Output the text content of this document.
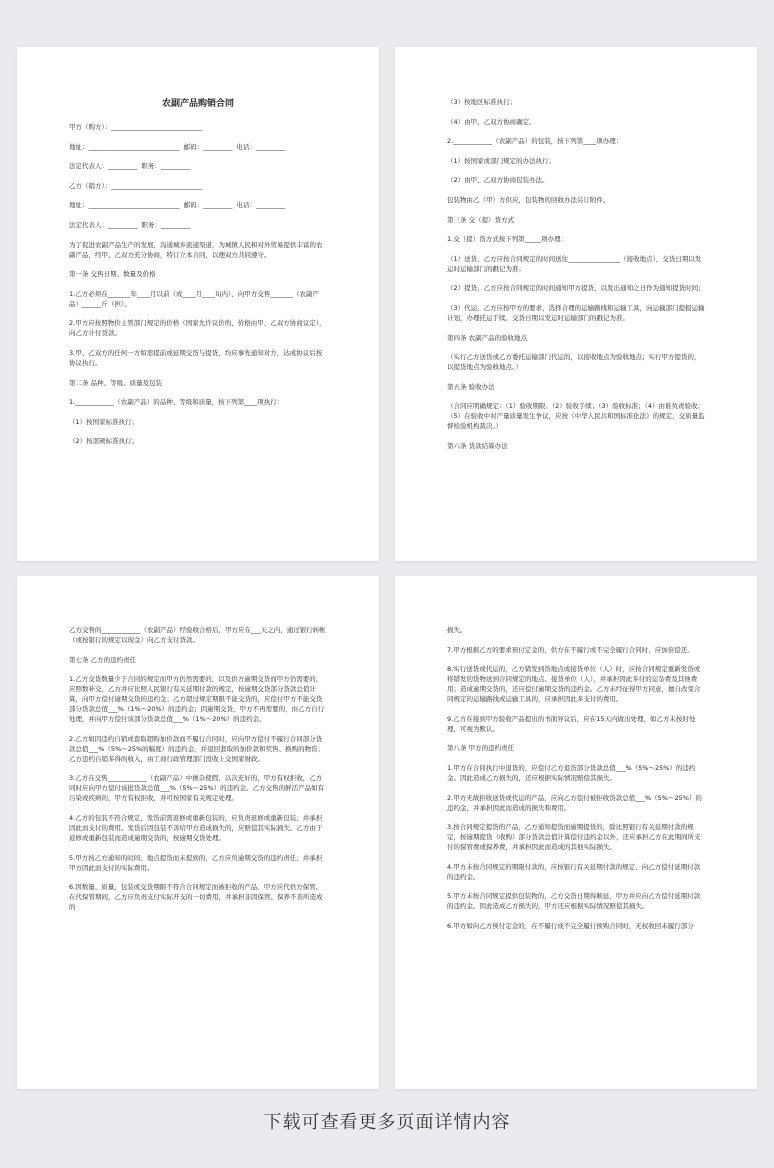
农副产品购销合同
甲方（购方）：____________________________
地址：____________________________  邮码：_________  电话：_________
法定代表人：_________  职务：_________
乙方（销方）：____________________________
地址：____________________________  邮码：_________  电话：_________
法定代表人：_________  职务：_________
为了促进农副产品生产的发展，沟通城乡流通渠道，为城镇人民和对外贸易提供丰富的农副产品，经甲、乙双方充分协商，特订立本合同，以便双方共同遵守。
第一条 交售日期、数量及价格
1.乙方必须在_______年____月以前（或____月____旬内），向甲方交售_______（农副产品）______斤（担）。
2.甲方应按照物价主管部门规定的价格（国家允许议价的，价格由甲、乙双方协商议定），向乙方计付货款。
3.甲、乙双方的任何一方如需提前或延期交货与提货，均应事先通知对方，达成协议后按协议执行。
第二条 品种、等级、质量及包装
1.____________（农副产品）的品种、等级和质量，按下列第____项执行：
（1）按国家标准执行；
（2）按部颁标准执行；
（3）按地区标准执行；
（4）由甲、乙双方协商确定。
2.____________（农副产品）的包装，按下列第____项办理：
（1）按国家或部门规定的办法执行；
（2）由甲、乙双方协商包装办法。
包装物由乙（甲）方供应，包装物的回收办法另订附件。
第三条 交（提）货方式
1.交（提）货方式按下列第_____项办理：
（1）送货，乙方应按合同规定的时间送往________________（接收地点），交货日期以发运时运输部门的戳记为准；
（2）提货，乙方应按合同规定的时间通知甲方提货，以发出通知之日作为通知提货时间；
（3）代运，乙方应按甲方的要求，选择合理的运输路线和运输工具，向运输部门提报运输计划，办理托运手续。交货日期以发运时运输部门的戳记为准。
第四条 农副产品的验收地点
（实行乙方送货或乙方委托运输部门代运的，以接收地点为验收地点；实行甲方提货的，以提货地点为验收地点。）
第五条 验收办法
（合同应明确规定：（1）验收期限；（2）验收手续；（3）验收标准；（4）由谁负责验收；（5）在验收中对产量质量发生争议，应按《中华人民共和国标准化法》的规定，交质量监督检验机构裁决。）
第六条 货款结算办法
乙方交售的____________（农副产品）经验收合格后，甲方应在___天之内，通过银行转帐（或按银行的规定以现金）向乙方支付货款。
第七条 乙方的违约责任
1.乙方交货数量少于合同的规定而甲方仍然需要的，以及供方逾期交货而甲方仍需要的，应照数补交，乙方并应比照人民银行有关延期付款的规定，按逾期交货部分货款总值计算，向甲方偿付逾期交货的违约金；乙方超过规定期限不能交货的，应偿付甲方不能交货部分货款总值___%（1%～20%）的违约金；因逾期交货，甲方不再需要的，由乙方自行处理，并向甲方偿付该部分货款总值___%（1%～20%）的违约金。
2.乙方如因违约自销或套取超购加价款而不履行合同时，应向甲方偿付不履行合同部分货款总值___%（5%～25%的幅度）的违约金，并退回套取的加价款和奖售、换购的物资；乙方违约自销多得的收入，由工商行政管理部门没收上交国家财政。
3.乙方在交售____________（农副产品）中掺杂使假，以次充好的，甲方有权拒收，乙方同时应向甲方偿付该批货款总值___%（5%～25%）的违约金。乙方交售的鲜活产品如有污染或疾病的，甲方有权拒收，并可按国家有关规定处理。
4.乙方的包装不符合规定，发货前需返修或重新包装的，应负责返修或重新包装，并承担因此而支付的费用。发货后因包装不善给甲方造成损失的，应赔偿其实际损失。乙方由于返修或重新包装而造成逾期交货的，按逾期交货处理。
5.甲方按乙方通知的时间、地点提货而未提到的，乙方应负逾期交货的违约责任，并承担甲方因此而支付的实际费用。
6.因数量、质量、包装或交货期限不符合合同规定而被拒收的产品，甲方应代供方保管。在代保管期间，乙方应负责支付实际开支的一切费用，并承担非因保管、保养不善所造成的
损失。
7.甲方根据乙方的要求预付定金的，供方在不履行或不完全履行合同时，应加倍偿还。
8.实行送货或代运的，乙方错发到货地点或接货单位（人）时，应按合同规定重新发货或将错发的货物送到合同规定的地点、接货单位（人），并承担因此多付的运杂费及其他费用；造成逾期交货的，还应偿付逾期交货的违约金。乙方未经征得甲方同意，擅自改变合同规定的运输路线或运输工具的，应承担因此多支付的费用。
9.乙方在接到甲方验收产品提出的书面异议后，应在15天内做出处理，如乙方未按时处理，可视为默认。
第八条 甲方的违约责任
1.甲方在合同执行中退货的，应偿付乙方退货部分货款总值___%（5%～25%）的违约金。因此造成乙方损失的，还应根据实际情况赔偿其损失。
2.甲方无故拒收送货或代运的产品，应向乙方偿付被拒收货款总值___%（5%～25%）的违约金，并承担因此而造成的损失和费用。
3.按合同规定提货的产品，乙方通知提货而逾期提货的，除比照银行有关延期付款的规定，按逾期提货（收购）部分货款总值计算偿付违约金以外，还应承担乙方在此期间所支付的保管费或保养费，并承担因此而造成的其他实际损失。
4.甲方未按合同规定的期限付款的，应按银行有关延期付款的规定，向乙方偿付延期付款的违约金。
5.甲方未按合同规定提供包装物的，乙方交货日期得顺延，甲方并应向乙方偿付延期付款的违约金。因此造成乙方损失的，甲方还应根据实际情况赔偿其损失。
6.甲方如向乙方预付定金的，在不履行或不完全履行预购合同时，无权收回未履行部分
下载可查看更多页面详情内容
